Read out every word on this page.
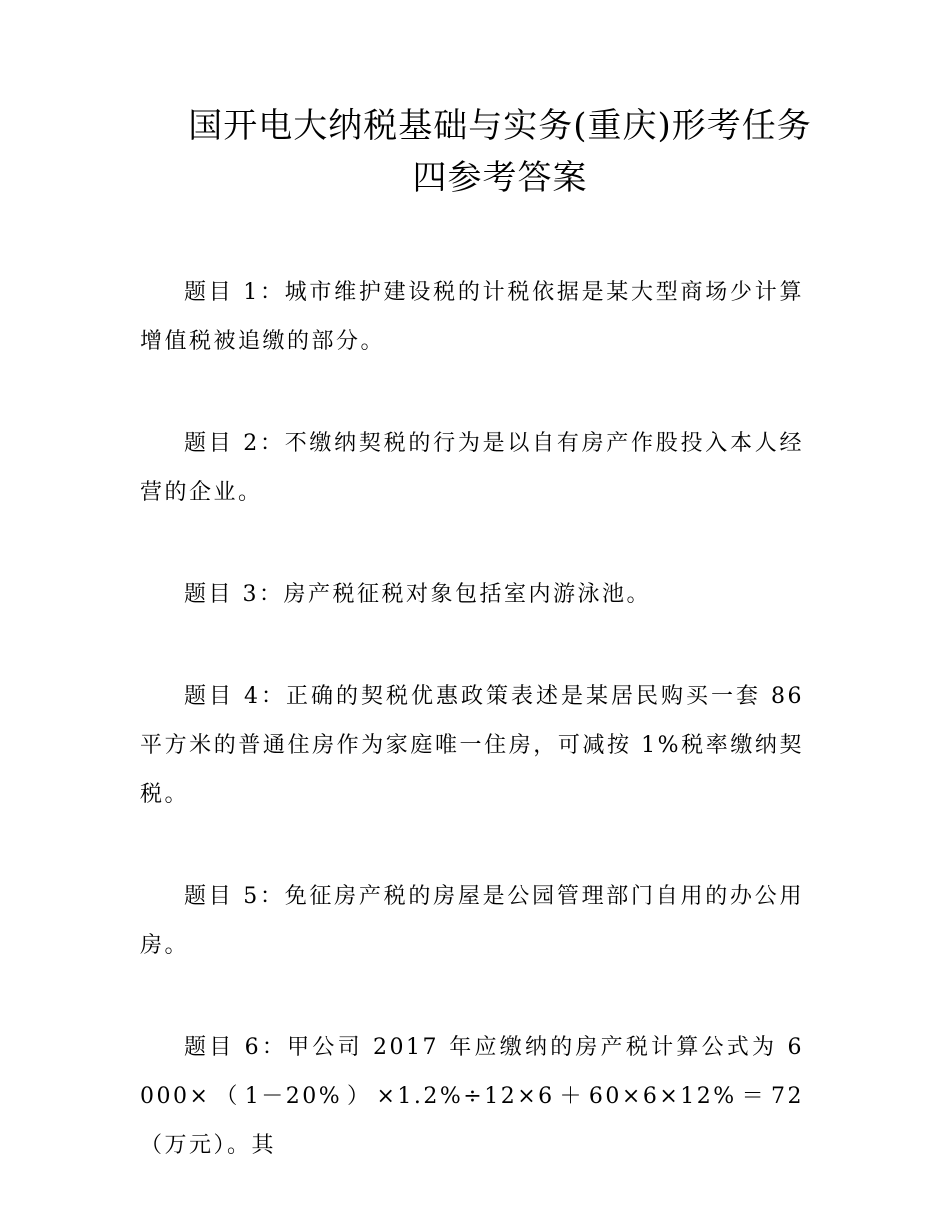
国开电大纳税基础与实务(重庆)形考任务
四参考答案

题目 1：城市维护建设税的计税依据是某大型商场少计算增值税被追缴的部分。

题目 2：不缴纳契税的行为是以自有房产作股投入本人经营的企业。

题目 3：房产税征税对象包括室内游泳池。

题目 4：正确的契税优惠政策表述是某居民购买一套 86 平方米的普通住房作为家庭唯一住房，可减按 1%税率缴纳契税。

题目 5：免征房产税的房屋是公园管理部门自用的办公用房。

题目 6：甲公司 2017 年应缴纳的房产税计算公式为 6 000×（1－20%）×1.2%÷12×6＋60×6×12%＝72（万元）。其
